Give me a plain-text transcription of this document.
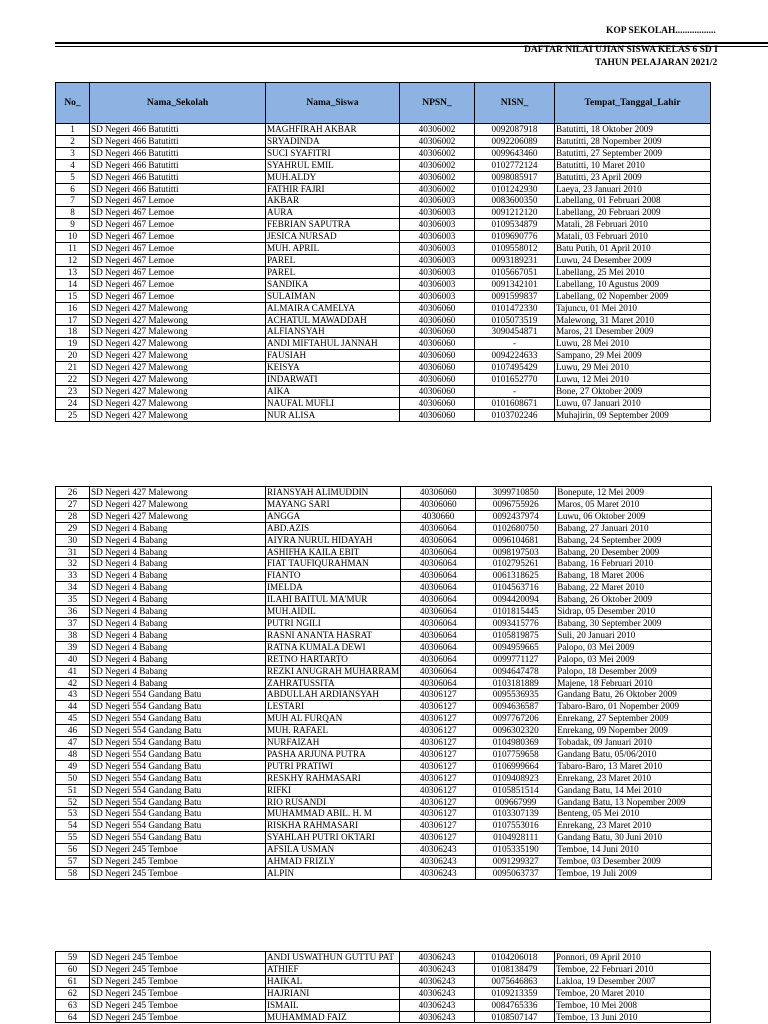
KOP SEKOLAH.................
DAFTAR NILAI UJIAN SISWA KELAS 6 SD I
TAHUN PELAJARAN 2021/2
No_	Nama_Sekolah	Nama_Siswa	NPSN_	NISN_	Tempat_Tanggal_Lahir
1	SD Negeri 466 Batutitti	MAGHFIRAH AKBAR	40306002	0092087918	Batutitti, 18 Oktober 2009
2	SD Negeri 466 Batutitti	SRYADINDA	40306002	0092206089	Batutitti, 28 Nopember 2009
3	SD Negeri 466 Batutitti	SUCI SYAFITRI	40306002	0099643460	Batutitti, 27 September 2009
4	SD Negeri 466 Batutitti	SYAHRUL EMIL	40306002	0102772124	Batutitti, 10 Maret 2010
5	SD Negeri 466 Batutitti	MUH.ALDY	40306002	0098085917	Batutitti, 23 April 2009
6	SD Negeri 466 Batutitti	FATHIR FAJRI	40306002	0101242930	Laeya, 23 Januari 2010
7	SD Negeri 467 Lemoe	AKBAR	40306003	0083600350	Labellang, 01 Februari 2008
8	SD Negeri 467 Lemoe	AURA	40306003	0091212120	Labellang, 20 Februari 2009
9	SD Negeri 467 Lemoe	FEBRIAN SAPUTRA	40306003	0109534879	Matali, 28 Februari 2010
10	SD Negeri 467 Lemoe	JESICA NURSAD	40306003	0109690776	Matali, 03 Februari 2010
11	SD Negeri 467 Lemoe	MUH. APRIL	40306003	0109558012	Batu Putih, 01 April 2010
12	SD Negeri 467 Lemoe	PAREL	40306003	0093189231	Luwu, 24 Desember 2009
13	SD Negeri 467 Lemoe	PAREL	40306003	0105667051	Labellang, 25 Mei 2010
14	SD Negeri 467 Lemoe	SANDIKA	40306003	0091342101	Labellang, 10 Agustus 2009
15	SD Negeri 467 Lemoe	SULAIMAN	40306003	0091599837	Labellang, 02 Nopember 2009
16	SD Negeri 427 Malewong	ALMAIRA CAMELYA	40306060	0101472330	Tajuncu, 01 Mei 2010
17	SD Negeri 427 Malewong	ACHATUL MAWADDAH	40306060	0105073519	Malewong, 31 Maret 2010
18	SD Negeri 427 Malewong	ALFIANSYAH	40306060	3090454871	Maros, 21 Desember 2009
19	SD Negeri 427 Malewong	ANDI MIFTAHUL JANNAH	40306060	-	Luwu, 28 Mei 2010
20	SD Negeri 427 Malewong	FAUSIAH	40306060	0094224633	Sampano, 29 Mei 2009
21	SD Negeri 427 Malewong	KEISYA	40306060	0107495429	Luwu, 29 Mei 2010
22	SD Negeri 427 Malewong	INDARWATI	40306060	0101652770	Luwu, 12 Mei 2010
23	SD Negeri 427 Malewong	AIKA	40306060	-	Bone, 27 Oktober 2009
24	SD Negeri 427 Malewong	NAUFAL MUFLI	40306060	0101608671	Luwu, 07 Januari 2010
25	SD Negeri 427 Malewong	NUR ALISA	40306060	0103702246	Muhajirin, 09 September 2009
26	SD Negeri 427 Malewong	RIANSYAH ALIMUDDIN	40306060	3099710850	Bonepute, 12 Mei 2009
27	SD Negeri 427 Malewong	MAYANG SARI	40306060	0096755926	Maros, 05 Maret 2010
28	SD Negeri 427 Malewong	ANGGA	4030660	0092437974	Luwu, 06 Oktober 2009
29	SD Negeri 4 Babang	ABD.AZIS	40306064	0102680750	Babang, 27 Januari 2010
30	SD Negeri 4 Babang	AIYRA NURUL HIDAYAH	40306064	0096104681	Babang, 24 September 2009
31	SD Negeri 4 Babang	ASHIFHA KAILA EBIT	40306064	0098197503	Babang, 20 Desember 2009
32	SD Negeri 4 Babang	FIAT TAUFIQURAHMAN	40306064	0102795261	Babang, 16 Februari 2010
33	SD Negeri 4 Babang	FIANTO	40306064	0061318625	Babang, 18 Maret 2006
34	SD Negeri 4 Babang	IMELDA	40306064	0104563716	Babang, 22 Maret 2010
35	SD Negeri 4 Babang	ILAHI BAITUL MA'MUR	40306064	0094420094	Babang, 26 Oktober 2009
36	SD Negeri 4 Babang	MUH.AIDIL	40306064	0101815445	Sidrap, 05 Desember 2010
37	SD Negeri 4 Babang	PUTRI NGILI	40306064	0093415776	Babang, 30 September 2009
38	SD Negeri 4 Babang	RASNI ANANTA HASRAT	40306064	0105819875	Suli, 20 Januari 2010
39	SD Negeri 4 Babang	RATNA KUMALA DEWI	40306064	0094959665	Palopo, 03 Mei 2009
40	SD Negeri 4 Babang	RETNO HARTARTO	40306064	0099771127	Palopo, 03 Mei 2009
41	SD Negeri 4 Babang	REZKI ANUGRAH MUHARRAM	40306064	0094647478	Palopo, 18 Desember 2009
42	SD Negeri 4 Babang	ZAHRATUSSITA	40306064	0103181889	Majene, 18 Februari 2010
43	SD Negeri 554 Gandang Batu	ABDULLAH ARDIANSYAH	40306127	0095536935	Gandang Batu, 26 Oktober 2009
44	SD Negeri 554 Gandang Batu	LESTARI	40306127	0094636587	Tabaro-Baro, 01 Nopember 2009
45	SD Negeri 554 Gandang Batu	MUH AL FURQAN	40306127	0097767206	Enrekang, 27 September 2009
46	SD Negeri 554 Gandang Batu	MUH. RAFAEL	40306127	0096302320	Enrekang, 09 Nopember 2009
47	SD Negeri 554 Gandang Batu	NURFAIZAH	40306127	0104980369	Tobadak, 09 Januari 2010
48	SD Negeri 554 Gandang Batu	PASHA ARJUNA PUTRA	40306127	0107759658	Gandang Batu, 05/06/2010
49	SD Negeri 554 Gandang Batu	PUTRI PRATIWI	40306127	0106999664	Tabaro-Baro, 13 Maret 2010
50	SD Negeri 554 Gandang Batu	RESKHY RAHMASARI	40306127	0109408923	Enrekang, 23 Maret 2010
51	SD Negeri 554 Gandang Batu	RIFKI	40306127	0105851514	Gandang Batu, 14 Mei 2010
52	SD Negeri 554 Gandang Batu	RIO RUSANDI	40306127	009667999	Gandang Batu, 13 Nopember 2009
53	SD Negeri 554 Gandang Batu	MUHAMMAD ABIL. H. M	40306127	0103307139	Benteng, 05 Mei 2010
54	SD Negeri 554 Gandang Batu	RISKHA RAHMASARI	40306127	0107553016	Enrekang, 23 Maret 2010
55	SD Negeri 554 Gandang Batu	SYAHLAH PUTRI OKTARI	40306127	0104928111	Gandang Batu, 30 Juni 2010
56	SD Negeri 245 Temboe	AFSILA USMAN	40306243	0105335190	Temboe, 14 Juni 2010
57	SD Negeri 245 Temboe	AHMAD FRIZLY	40306243	0091299327	Temboe, 03 Desember 2009
58	SD Negeri 245 Temboe	ALPIN	40306243	0095063737	Temboe, 19 Juli 2009
59	SD Negeri 245 Temboe	ANDI USWATHUN GUTTU PAT	40306243	0104206018	Ponnori, 09 April 2010
60	SD Negeri 245 Temboe	ATHIEF	40306243	0108138479	Temboe, 22 Februari 2010
61	SD Negeri 245 Temboe	HAIKAL	40306243	0075646863	Lakloa, 19 Desember 2007
62	SD Negeri 245 Temboe	HAJRIANI	40306243	0109213359	Temboe, 20 Maret 2010
63	SD Negeri 245 Temboe	ISMAIL	40306243	0084765336	Temboe, 10 Mei 2008
64	SD Negeri 245 Temboe	MUHAMMAD FAIZ	40306243	0108507147	Temboe, 13 Juni 2010
